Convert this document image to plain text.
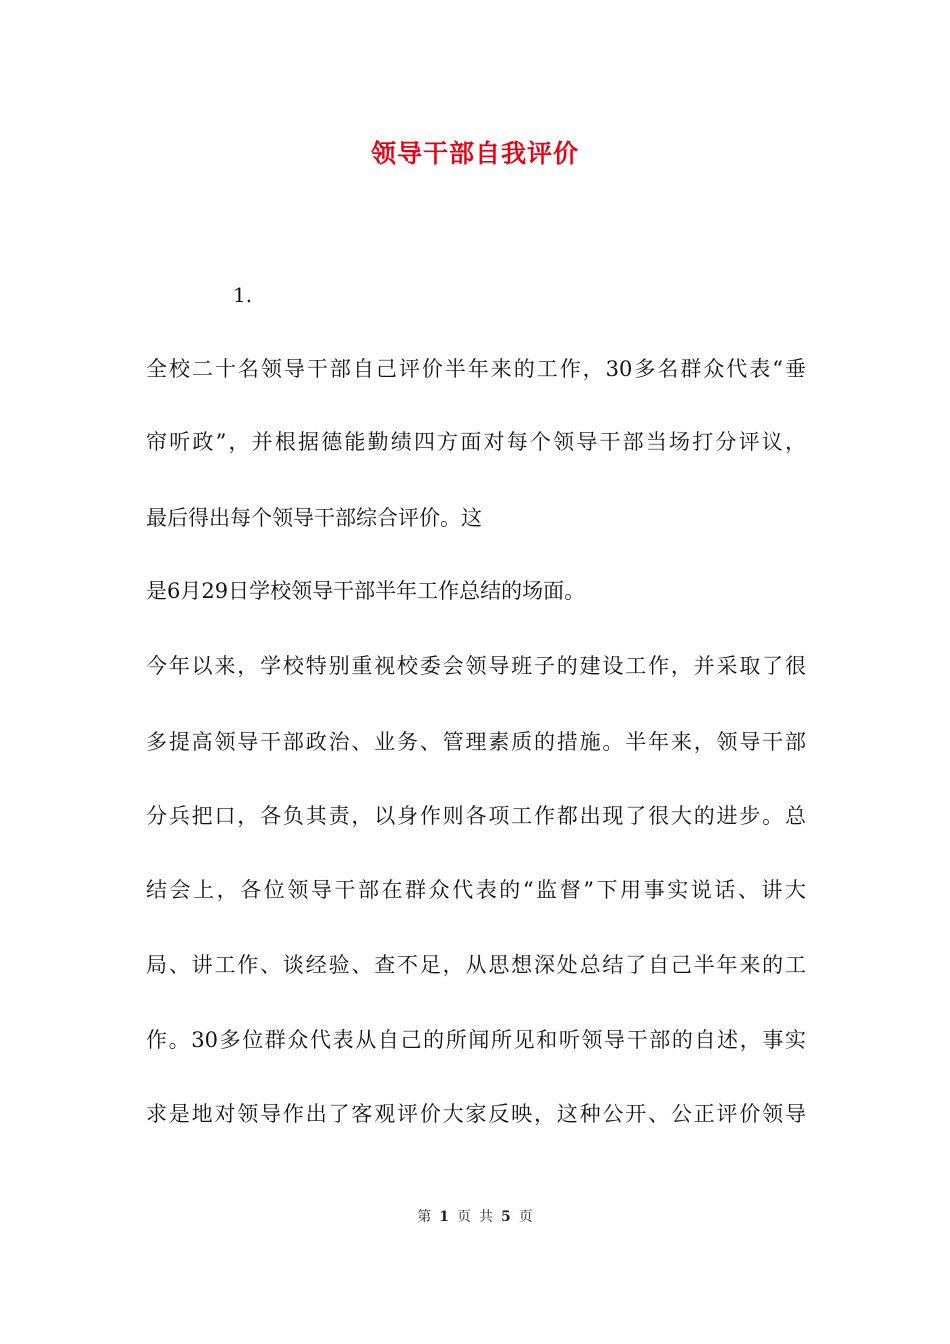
领导干部自我评价
1.
全校二十名领导干部自己评价半年来的工作，30多名群众代表“垂
帘听政”，并根据德能勤绩四方面对每个领导干部当场打分评议，
最后得出每个领导干部综合评价。这
是6月29日学校领导干部半年工作总结的场面。
今年以来，学校特别重视校委会领导班子的建设工作，并采取了很
多提高领导干部政治、业务、管理素质的措施。半年来，领导干部
分兵把口，各负其责，以身作则各项工作都出现了很大的进步。总
结会上，各位领导干部在群众代表的“监督”下用事实说话、讲大
局、讲工作、谈经验、查不足，从思想深处总结了自己半年来的工
作。30多位群众代表从自己的所闻所见和听领导干部的自述，事实
求是地对领导作出了客观评价大家反映，这种公开、公正评价领导
第 1 页 共 5 页
